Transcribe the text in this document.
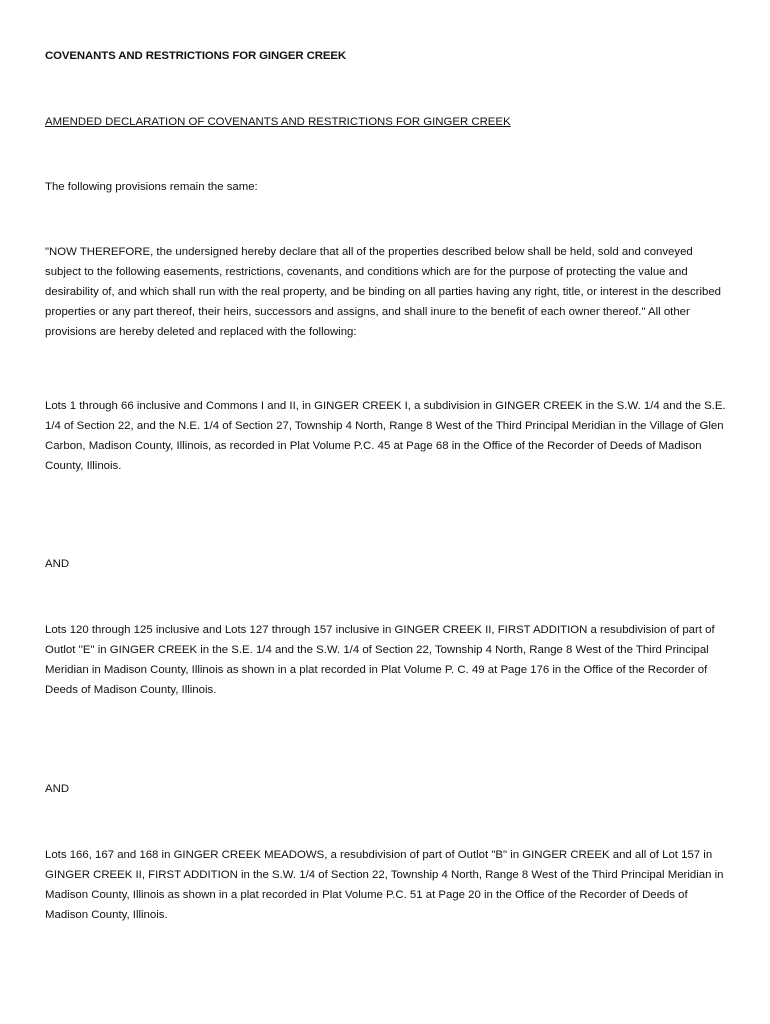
COVENANTS AND RESTRICTIONS FOR GINGER CREEK

AMENDED DECLARATION OF COVENANTS AND RESTRICTIONS FOR GINGER CREEK

The following provisions remain the same:

"NOW THEREFORE, the undersigned hereby declare that all of the properties described below shall be held, sold and conveyed subject to the following easements, restrictions, covenants, and conditions which are for the purpose of protecting the value and desirability of, and which shall run with the real property, and be binding on all parties having any right, title, or interest in the described properties or any part thereof, their heirs, successors and assigns, and shall inure to the benefit of each owner thereof." All other provisions are hereby deleted and replaced with the following:

Lots 1 through 66 inclusive and Commons I and II, in GINGER CREEK I, a subdivision in GINGER CREEK in the S.W. 1/4 and the S.E. 1/4 of Section 22, and the N.E. 1/4 of Section 27, Township 4 North, Range 8 West of the Third Principal Meridian in the Village of Glen Carbon, Madison County, Illinois, as recorded in Plat Volume P.C. 45 at Page 68 in the Office of the Recorder of Deeds of Madison County, Illinois.

AND

Lots 120 through 125 inclusive and Lots 127 through 157 inclusive in GINGER CREEK II, FIRST ADDITION a resubdivision of part of Outlot ''E" in GINGER CREEK in the S.E. 1/4 and the S.W. 1/4 of Section 22, Township 4 North, Range 8 West of the Third Principal Meridian in Madison County, Illinois as shown in a plat recorded in Plat Volume P. C. 49 at Page 176 in the Office of the Recorder of Deeds of Madison County, Illinois.

AND

Lots 166, 167 and 168 in GINGER CREEK MEADOWS, a resubdivision of part of Outlot "B" in GINGER CREEK and all of Lot 157 in GINGER CREEK II, FIRST ADDITION in the S.W. 1/4 of Section 22, Township 4 North, Range 8 West of the Third Principal Meridian in Madison County, Illinois as shown in a plat recorded in Plat Volume P.C. 51 at Page 20 in the Office of the Recorder of Deeds of Madison County, Illinois.
